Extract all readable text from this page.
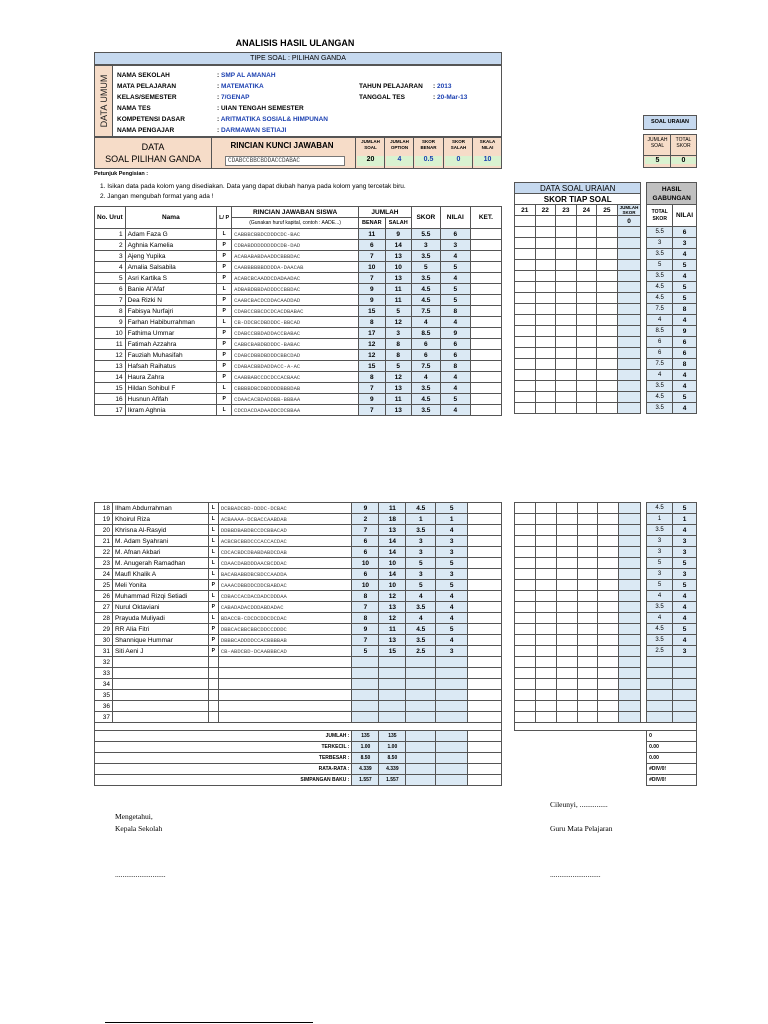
ANALISIS HASIL ULANGAN
TIPE SOAL : PILIHAN GANDA
DATA UMUM NAMA SEKOLAH	: SMP AL AMANAH
MATA PELAJARAN	: MATEMATIKA
KELAS/SEMESTER	: 7/GENAP
NAMA TES	: UIAN TENGAH SEMESTER
KOMPETENSI DASAR	: ARITMATIKA SOSIAL& HIMPUNAN
NAMA PENGAJAR	: DARMAWAN SETIAJI
TAHUN PELAJARAN : 2013
TANGGAL TES	: 20-Mar-13
DATA
SOAL PILIHAN GANDA
RINCIAN KUNCI JAWABAN
CDABCCBBCBDDACCDABAC
JUMLAH SOAL
20
JUMLAH OPTION
4
SKOR BENAR
0.5
SKOR SALAH
0
SKALA NILAI
10
SOAL URAIAN
JUMLAH SOAL
TOTAL SKOR
5	0
Petunjuk Pengisian :
1. Isikan data pada kolom yang disediakan. Data yang dapat diubah hanya pada kolom yang tercetak biru.
2. Jangan mengubah format yang ada !
No. Urut	Nama	L/ P	RINCIAN JAWABAN SISWA	JUMLAH		SKOR	NILAI	KET.
			(Gunakan huruf kapital, contoh : AADE...)	BENAR	SALAH			
1	Adam Faza G	L	CABBBCBBDCDDDCDC-BAC	11	9	5.5	6	
2	Aghnia Kamelia	P	CDBABDDDDDDDDCDB-DAD	6	14	3	3	
3	Ajeng Yupika	P	ACABABABDAADDCBBBDAC	7	13	3.5	4	
4	Amalia Salsabila	P	CAABBBBBBDDDDA-DAACAB	10	10	5	5	
5	Asri Kartika S	P	ACABCBCAADDCDADAADAC	7	13	3.5	4	
6	Banie Al'Afaf	L	ADBABDBBDADDDCCBBDAC	9	11	4.5	5	
7	Dea Rizki N	P	CAABCBACDCDDACAADDAD	9	11	4.5	5	
8	Fabisya Nurfajri	P	CDABCCBBCDCDCACDBABAC	15	5	7.5	8	
9	Farhan Habiburrahman	L	CB-DDCBCDBDDDC-BBCAD	8	12	4	4	
10	Fathima Ummar	P	CDABCCBBDADDACCBABAC	17	3	8.5	9	
11	Fatimah Azzahra	P	CABBCBABDBDDDC-BABAC	12	8	6	6	
12	Fauziah Muhasifah	P	CDABCDBBDBDDDCBBCDAD	12	8	6	6	
13	Hafsah Raihatus	P	CDABACBBDADDACC-A-AC	15	5	7.5	8	
14	Haura Zahra	P	CAABBABCCDCDCCACBAAC	8	12	4	4	
15	Hildan Sohibul F	L	CBBBBDBCDBDDDDBBBDAB	7	13	3.5	4	
16	Husnun Afifah	P	CDAACACBDADDBB-BBBAA	9	11	4.5	5	
17	Ikram Aghnia	L	CDCDACDADAADDCDCBBAA	7	13	3.5	4	
DATA SOAL URAIAN							HASIL GABUNGAN	
SKOR TIAP SOAL								
21	22	23	24	25	JUMLAH
SKOR		TOTAL SKOR	NILAI
					0			
							5.5	6
							3	3
							3.5	4
							5	5
							3.5	4
							4.5	5
							4.5	5
							7.5	8
							4	4
							8.5	9
							6	6
							6	6
							7.5	8
							4	4
							3.5	4
							4.5	5
							3.5	4
18	Ilham Abdurrahman	L	DCBBADCBD-DDDC-DCBAC	9	11	4.5	5	
19	Khoirul Riza	L	ACBAAAA-DCBACCAABDAB	2	18	1	1	
20	Khrisna Al-Rasyid	L	DDBBDBABDBCCDCBBACAD	7	13	3.5	4	
21	M. Adam Syahrani	L	ACBCBCBBDCCCACCACDAC	6	14	3	3	
22	M. Afnan Akbari	L	CDCACBDCDBABDABDCDAB	6	14	3	3	
23	M. Anugerah Ramadhan	L	CDAACDABDDDAACBCDDAC	10	10	5	5	
24	Maufl Khalik A	L	BACABABBDBCBDCCAADDA	6	14	3	3	
25	Meli Yonita	P	CAAACDBBDDCDDCBABDAC	10	10	5	5	
26	Muhammad Rizqi Setiadi	L	CDBACCACDACDADCDDDAA	8	12	4	4	
27	Nurul Oktaviani	P	CABADADACDDDABDADAC	7	13	3.5	4	
28	Prayuda Muliyadi	L	BDACCB-CDCDCDDCDCDAC	8	12	4	4	
29	RR Alia Fitri	P	DBBCACBBCBBCDDCCDDDC	9	11	4.5	5	
30	Shannique Hummar	P	DBBBCADDDDCCACBBBBAB	7	13	3.5	4	
31	Siti Aeni J	P	CB-ABDCBD-DCAABBBCAD	5	15	2.5	3	
32								
33								
34								
35								
36								
37								

JUMLAH :				135	135			
TERKECIL :				1.00	1.00			
TERBESAR :				8.50	8.50			
RATA-RATA :				4.339	4.339			
SIMPANGAN BAKU :				1.557	1.557			
							4.5	5
							1	1
							3.5	4
							3	3
							3	3
							5	5
							3	3
							5	5
							4	4
							3.5	4
							4	4
							4.5	5
							3.5	4
							2.5	3

							0	
							0.00	
							0.00	
							#DIV/0!	
							#DIV/0!	
Mengetahui,
Kepala Sekolah
Cileunyi, ...............
Guru Mata Pelajaran
...........................	...........................
